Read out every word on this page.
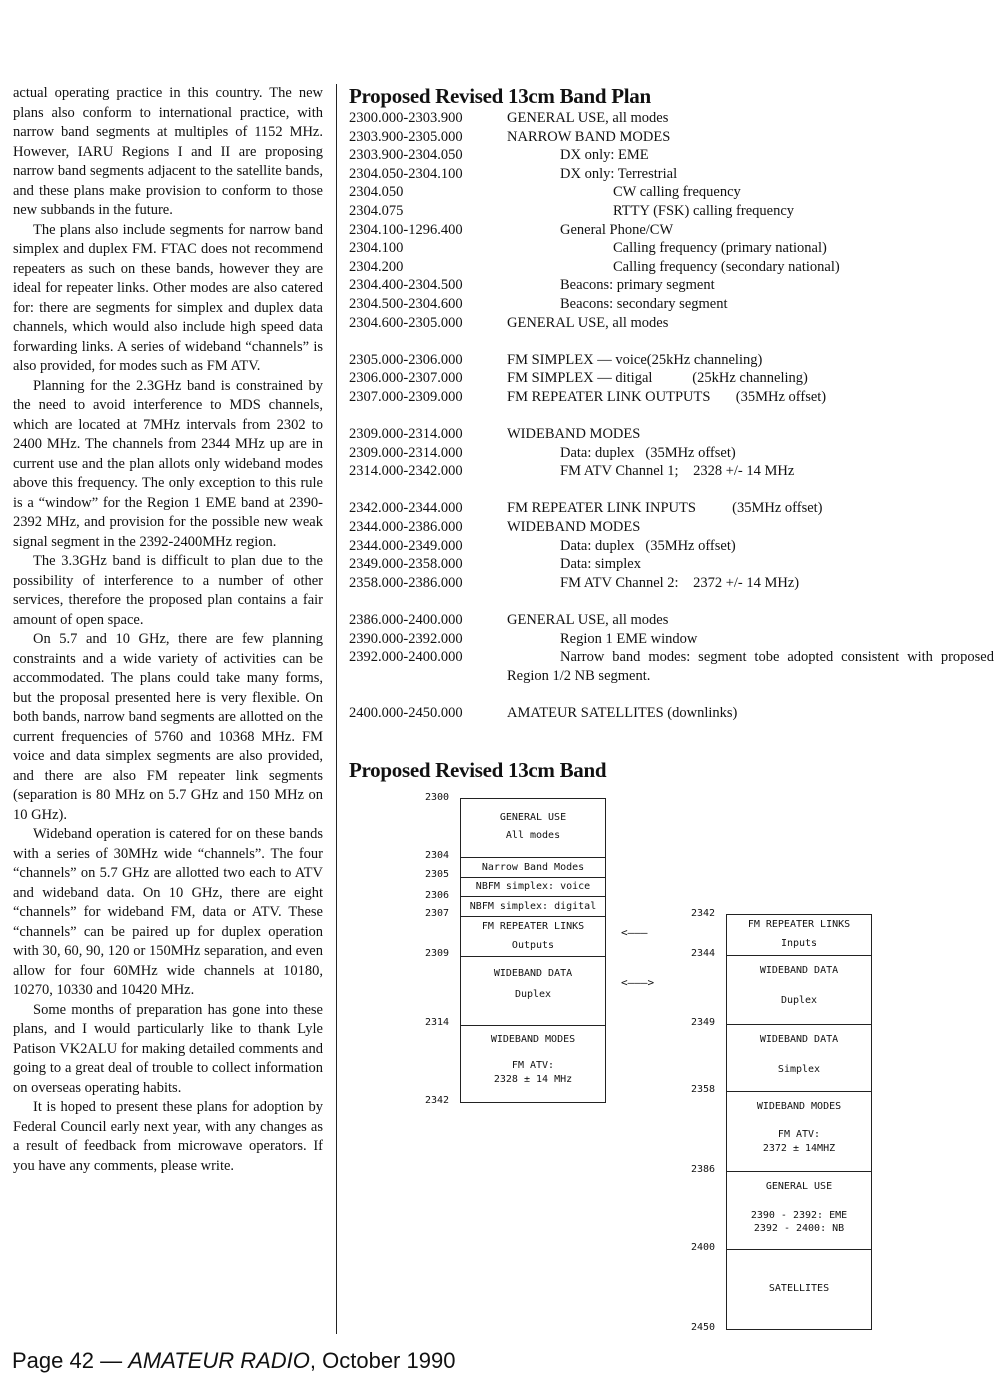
actual operating practice in this country. The new plans also conform to international practice, with narrow band segments at multiples of 1152 MHz. However, IARU Regions I and II are proposing narrow band segments adjacent to the satellite bands, and these plans make provision to conform to those new subbands in the future.

The plans also include segments for narrow band simplex and duplex FM. FTAC does not recommend repeaters as such on these bands, however they are ideal for repeater links. Other modes are also catered for: there are segments for simplex and duplex data channels, which would also include high speed data forwarding links. A series of wideband “channels” is also provided, for modes such as FM ATV.

Planning for the 2.3GHz band is constrained by the need to avoid interference to MDS channels, which are located at 7MHz intervals from 2302 to 2400 MHz. The channels from 2344 MHz up are in current use and the plan allots only wideband modes above this frequency. The only exception to this rule is a “window” for the Region 1 EME band at 2390-2392 MHz, and provision for the possible new weak signal segment in the 2392-2400MHz region.

The 3.3GHz band is difficult to plan due to the possibility of interference to a number of other services, therefore the proposed plan contains a fair amount of open space.

On 5.7 and 10 GHz, there are few planning constraints and a wide variety of activities can be accommodated. The plans could take many forms, but the proposal presented here is very flexible. On both bands, narrow band segments are allotted on the current frequencies of 5760 and 10368 MHz. FM voice and data simplex segments are also provided, and there are also FM repeater link segments (separation is 80 MHz on 5.7 GHz and 150 MHz on 10 GHz).

Wideband operation is catered for on these bands with a series of 30MHz wide “channels”. The four “channels” on 5.7 GHz are allotted two each to ATV and wideband data. On 10 GHz, there are eight “channels” for wideband FM, data or ATV. These “channels” can be paired up for duplex operation with 30, 60, 90, 120 or 150MHz separation, and even allow for four 60MHz wide channels at 10180, 10270, 10330 and 10420 MHz.

Some months of preparation has gone into these plans, and I would particularly like to thank Lyle Patison VK2ALU for making detailed comments and going to a great deal of trouble to collect information on overseas operating habits.

It is hoped to present these plans for adoption by Federal Council early next year, with any changes as a result of feedback from microwave operators. If you have any comments, please write.

Proposed Revised 13cm Band Plan
2300.000-2303.900	GENERAL USE, all modes
2303.900-2305.000	NARROW BAND MODES
2303.900-2304.050	DX only: EME
2304.050-2304.100	DX only: Terrestrial
2304.050	CW calling frequency
2304.075	RTTY (FSK) calling frequency
2304.100-1296.400	General Phone/CW
2304.100	Calling frequency (primary national)
2304.200	Calling frequency (secondary national)
2304.400-2304.500	Beacons: primary segment
2304.500-2304.600	Beacons: secondary segment
2304.600-2305.000	GENERAL USE, all modes
2305.000-2306.000	FM SIMPLEX — voice(25kHz channeling)
2306.000-2307.000	FM SIMPLEX — ditigal           (25kHz channeling)
2307.000-2309.000	FM REPEATER LINK OUTPUTS       (35MHz offset)
2309.000-2314.000	WIDEBAND MODES
2309.000-2314.000	Data: duplex   (35MHz offset)
2314.000-2342.000	FM ATV Channel 1;    2328 +/- 14 MHz
2342.000-2344.000	FM REPEATER LINK INPUTS          (35MHz offset)
2344.000-2386.000	WIDEBAND MODES
2344.000-2349.000	Data: duplex   (35MHz offset)
2349.000-2358.000	Data: simplex
2358.000-2386.000	FM ATV Channel 2:    2372 +/- 14 MHz)
2386.000-2400.000	GENERAL USE, all modes
2390.000-2392.000	Region 1 EME window
2392.000-2400.000	Narrow band modes: segment tobe adopted consistent with proposed Region 1/2 NB segment.
2400.000-2450.000	AMATEUR SATELLITES (downlinks)
Proposed Revised 13cm Band
2300
2304
2305
2306
2307
2309
2314
2342
GENERAL USE
All modes
Narrow Band Modes
NBFM simplex: voice
NBFM simplex: digital
FM REPEATER LINKS
Outputs
WIDEBAND DATA
Duplex
WIDEBAND MODES
FM ATV:
2328 ± 14 MHz
<———
<———>
2342
2344
2349
2358
2386
2400
2450
FM REPEATER LINKS
Inputs
WIDEBAND DATA
Duplex
WIDEBAND DATA
Simplex
WIDEBAND MODES
FM ATV:
2372 ± 14MHZ
GENERAL USE
2390 - 2392: EME
2392 - 2400: NB
SATELLITES
Page 42 — AMATEUR RADIO, October 1990
